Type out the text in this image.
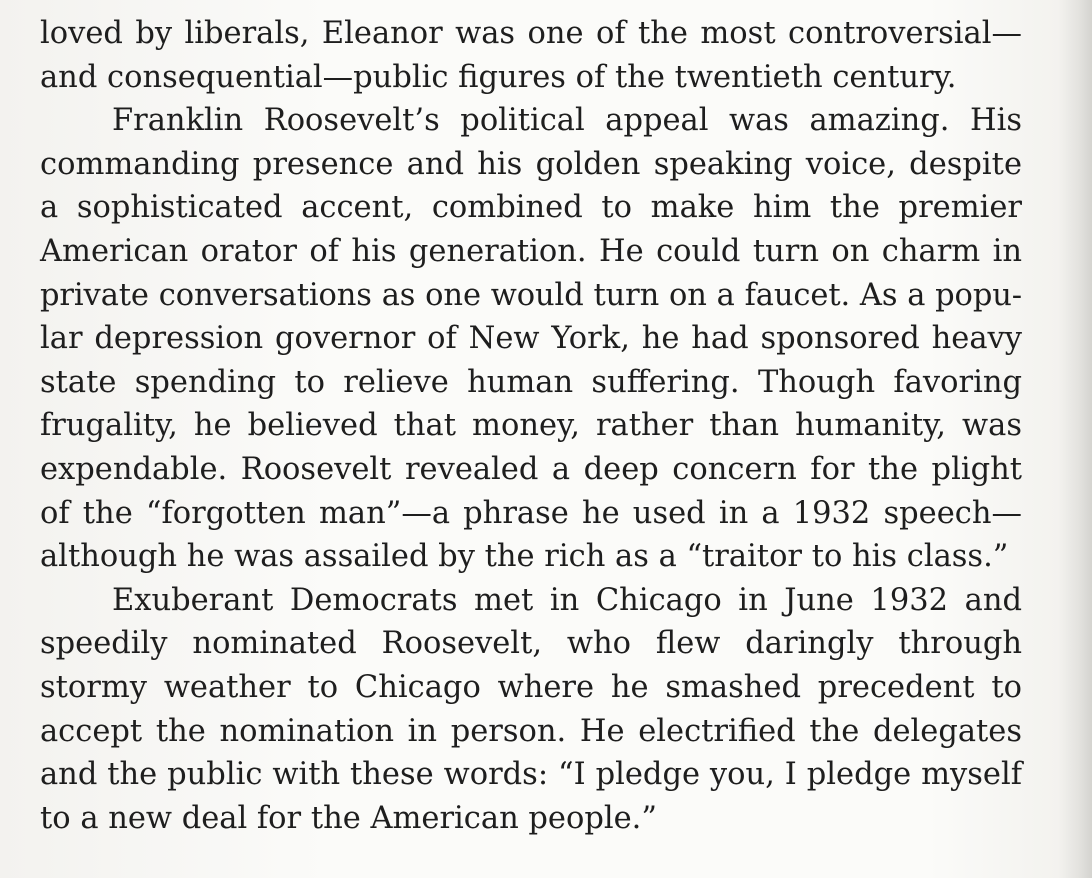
loved by liberals, Eleanor was one of the most controversial—
and consequential—public figures of the twentieth century.
Franklin Roosevelt’s political appeal was amazing. His
commanding presence and his golden speaking voice, despite
a sophisticated accent, combined to make him the premier
American orator of his generation. He could turn on charm in
private conversations as one would turn on a faucet. As a popu-
lar depression governor of New York, he had sponsored heavy
state spending to relieve human suffering. Though favoring
frugality, he believed that money, rather than humanity, was
expendable. Roosevelt revealed a deep concern for the plight
of the “forgotten man”—a phrase he used in a 1932 speech—
although he was assailed by the rich as a “traitor to his class.”
Exuberant Democrats met in Chicago in June 1932 and
speedily nominated Roosevelt, who flew daringly through
stormy weather to Chicago where he smashed precedent to
accept the nomination in person. He electrified the delegates
and the public with these words: “I pledge you, I pledge myself
to a new deal for the American people.”
